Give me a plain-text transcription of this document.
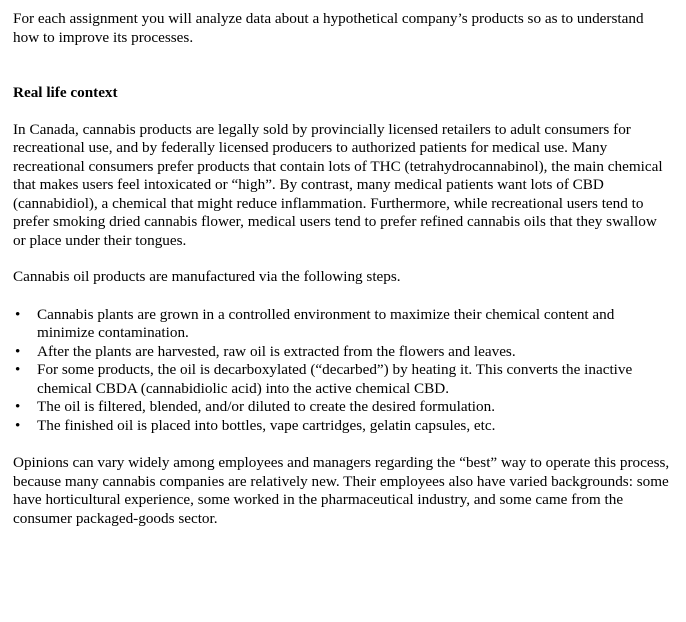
For each assignment you will analyze data about a hypothetical company’s products so as to understand how to improve its processes.

Real life context

In Canada, cannabis products are legally sold by provincially licensed retailers to adult consumers for recreational use, and by federally licensed producers to authorized patients for medical use. Many recreational consumers prefer products that contain lots of THC (tetrahydrocannabinol), the main chemical that makes users feel intoxicated or “high”. By contrast, many medical patients want lots of CBD (cannabidiol), a chemical that might reduce inflammation. Furthermore, while recreational users tend to prefer smoking dried cannabis flower, medical users tend to prefer refined cannabis oils that they swallow or place under their tongues.

Cannabis oil products are manufactured via the following steps.

•	Cannabis plants are grown in a controlled environment to maximize their chemical content and minimize contamination.
•	After the plants are harvested, raw oil is extracted from the flowers and leaves.
•	For some products, the oil is decarboxylated (“decarbed”) by heating it. This converts the inactive chemical CBDA (cannabidiolic acid) into the active chemical CBD.
•	The oil is filtered, blended, and/or diluted to create the desired formulation.
•	The finished oil is placed into bottles, vape cartridges, gelatin capsules, etc.

Opinions can vary widely among employees and managers regarding the “best” way to operate this process, because many cannabis companies are relatively new. Their employees also have varied backgrounds: some have horticultural experience, some worked in the pharmaceutical industry, and some came from the consumer packaged-goods sector.
